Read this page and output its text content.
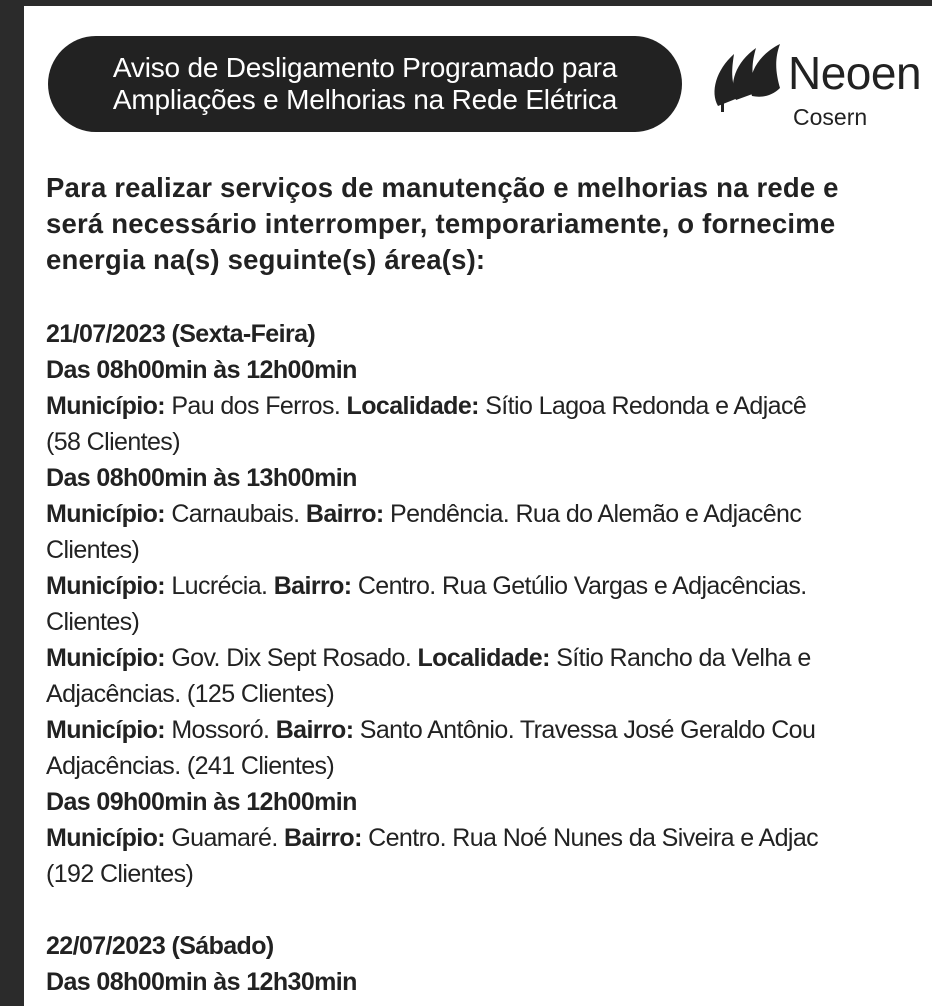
Aviso de Desligamento Programado para
Ampliações e Melhorias na Rede Elétrica
Neoen
Cosern
Para realizar serviços de manutenção e melhorias na rede e
será necessário interromper, temporariamente, o fornecime
energia na(s) seguinte(s) área(s):
21/07/2023 (Sexta-Feira)
Das 08h00min às 12h00min
Município: Pau dos Ferros. Localidade: Sítio Lagoa Redonda e Adjacê
(58 Clientes)
Das 08h00min às 13h00min
Município: Carnaubais. Bairro: Pendência. Rua do Alemão e Adjacênc
Clientes)
Município: Lucrécia. Bairro: Centro. Rua Getúlio Vargas e Adjacências.
Clientes)
Município: Gov. Dix Sept Rosado. Localidade: Sítio Rancho da Velha e
Adjacências. (125 Clientes)
Município: Mossoró. Bairro: Santo Antônio. Travessa José Geraldo Cou
Adjacências. (241 Clientes)
Das 09h00min às 12h00min
Município: Guamaré. Bairro: Centro. Rua Noé Nunes da Siveira e Adjac
(192 Clientes)
22/07/2023 (Sábado)
Das 08h00min às 12h30min
